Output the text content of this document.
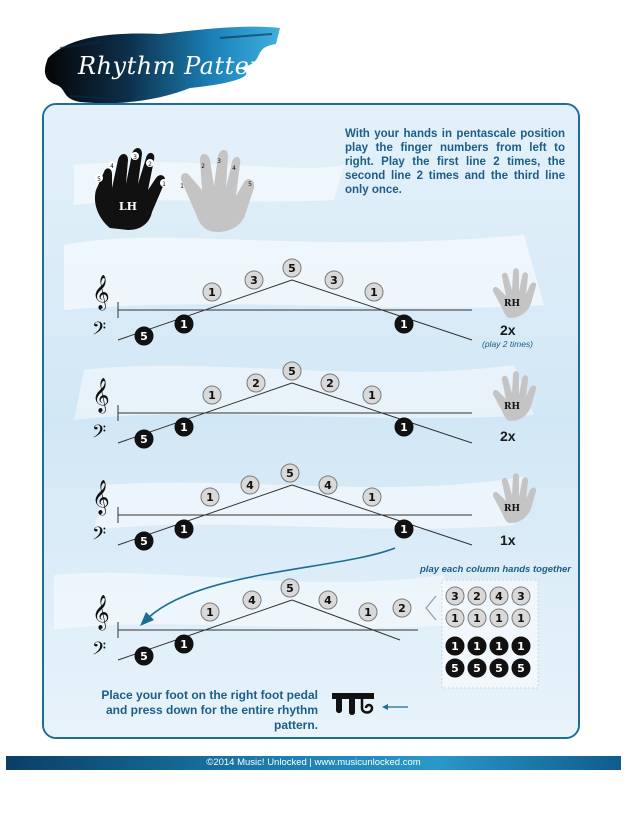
Rhythm Pattern 1
With your hands in pentascale position play the finger numbers from left to right. Play the first line 2 times, the second line 2 times and the third line only once.
LH
5
4
3
2
1 1
2
3
4
5
𝄞
𝄢
1
3
5
3
1
5
1	1
RH
𝄞
𝄢
1
2
5
2
1
5
1	1
RH
𝄞
𝄢
1
4
5
4
1
5
1	1
RH
𝄞
𝄢
1
4
5
4
1 2
5
1
3 2 4 3
1 1 1 1
1 1 1 1
5 5 5 5
2x
(play 2 times)
2x
1x
play each column hands together
Place your foot on the right foot pedal and press down for the entire rhythm pattern.
©2014 Music! Unlocked | www.musicunlocked.com
